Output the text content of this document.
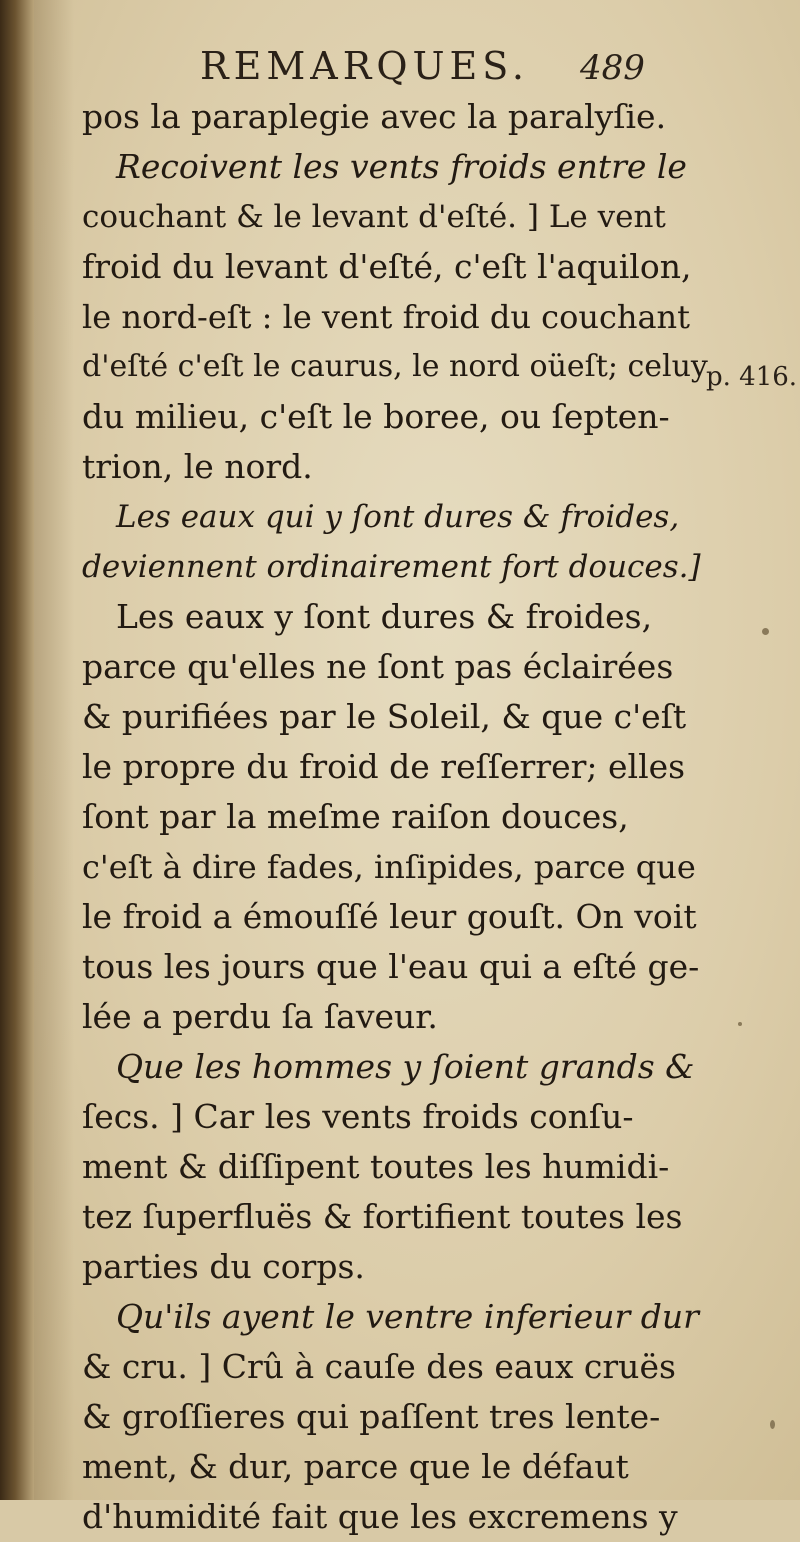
REMARQUES. 489
p. 416.
pos la paraplegie avec la paralyſie.
Recoivent les vents froids entre le
couchant & le levant d'eſté. ] Le vent
froid du levant d'eſté, c'eſt l'aquilon,
le nord-eſt : le vent froid du couchant
d'eſté c'eſt le caurus, le nord oüeſt; celuy
du milieu, c'eſt le boree, ou ſepten-
trion, le nord.
Les eaux qui y ſont dures & froides,
deviennent ordinairement fort douces.]
Les eaux y ſont dures & froides,
parce qu'elles ne ſont pas éclairées
& purifiées par le Soleil, & que c'eſt
le propre du froid de reſſerrer; elles
ſont par la meſme raiſon douces,
c'eſt à dire fades, inſipides, parce que
le froid a émouſſé leur gouſt. On voit
tous les jours que l'eau qui a eſté ge-
lée a perdu ſa ſaveur.
Que les hommes y ſoient grands &
ſecs. ] Car les vents froids conſu-
ment & diſſipent toutes les humidi-
tez ſuperfluës & fortifient toutes les
parties du corps.
Qu'ils ayent le ventre inferieur dur
& cru. ] Crû à cauſe des eaux cruës
& groſſieres qui paſſent tres lente-
ment, & dur, parce que le défaut
d'humidité fait que les excremens y
